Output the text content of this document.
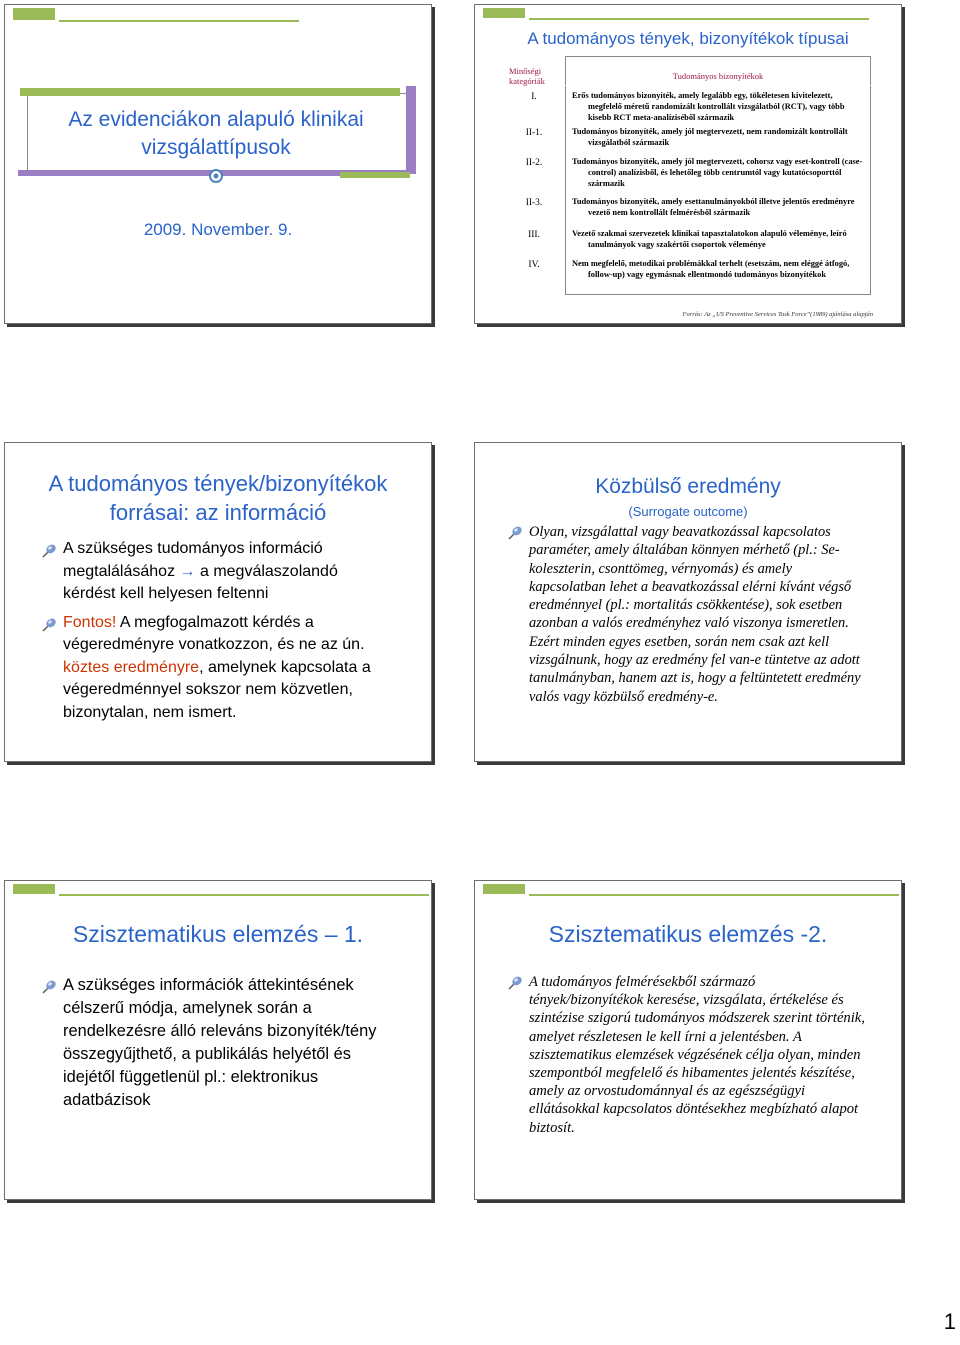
Az evidenciákon alapuló klinikai
vizsgálattípusok
2009. November. 9.
A tudományos tények, bizonyítékok típusai
Minőségi kategóriák	Tudományos bizonyítékok
Erős tudományos bizonyíték, amely legalább egy, tökéletesen kivitelezett, megfelelő méretű randomizált kontrollált vizsgálatból (RCT), vagy több kisebb RCT meta-analíziséből származik
Tudományos bizonyíték, amely jól megtervezett, nem randomizált kontrollált vizsgálatból származik
Tudományos bizonyíték, amely jól megtervezett, cohorsz vagy eset-kontroll (case-control) analízisből, és lehetőleg több centrumtól vagy kutatócsoporttól származik
Tudományos bizonyíték, amely esettanulmányokból illetve jelentős eredményre vezető nem kontrollált felmérésből származik
Vezető szakmai szervezetek klinikai tapasztalatokon alapuló véleménye, leíró tanulmányok vagy szakértői csoportok véleménye
Nem megfelelő, metodikai problémákkal terhelt (esetszám, nem eléggé átfogó, follow-up) vagy egymásnak ellentmondó tudományos bizonyítékok
I.
II-1.
II-2.
II-3.
III.
IV.
Forrás: Az „US Preventive Services Task Force”(1989) ajánlása alapján
A tudományos tények/bizonyítékok
forrásai: az információ
A szükséges tudományos információ megtalálásához → a megválaszolandó kérdést kell helyesen feltenni
Fontos! A megfogalmazott kérdés a végeredményre vonatkozzon, és ne az ún. köztes eredményre, amelynek kapcsolata a végeredménnyel sokszor nem közvetlen, bizonytalan, nem ismert.
Közbülső eredmény
(Surrogate outcome)
Olyan, vizsgálattal vagy beavatkozással kapcsolatos paraméter, amely általában könnyen mérhető (pl.: Se-koleszterin, csonttömeg, vérnyomás) és amely kapcsolatban lehet a beavatkozással elérni kívánt végső eredménnyel (pl.: mortalitás csökkentése), sok esetben azonban a valós eredményhez való viszonya ismeretlen. Ezért minden egyes esetben, során nem csak azt kell vizsgálnunk, hogy az eredmény fel van-e tüntetve az adott tanulmányban, hanem azt is, hogy a feltüntetett eredmény valós vagy közbülső eredmény-e.
Szisztematikus elemzés – 1.
A szükséges információk áttekintésének célszerű módja, amelynek során a rendelkezésre álló releváns bizonyíték/tény összegyűjthető, a publikálás helyétől és idejétől függetlenül pl.: elektronikus adatbázisok
Szisztematikus elemzés -2.
A tudományos felmérésekből származó tények/bizonyítékok keresése, vizsgálata, értékelése és szintézise szigorú tudományos módszerek szerint történik, amelyet részletesen le kell írni a jelentésben. A szisztematikus elemzések végzésének célja olyan, minden szempontból megfelelő és hibamentes jelentés készítése, amely az orvostudománnyal és az egészségügyi ellátásokkal kapcsolatos döntésekhez megbízható alapot biztosít.
1
